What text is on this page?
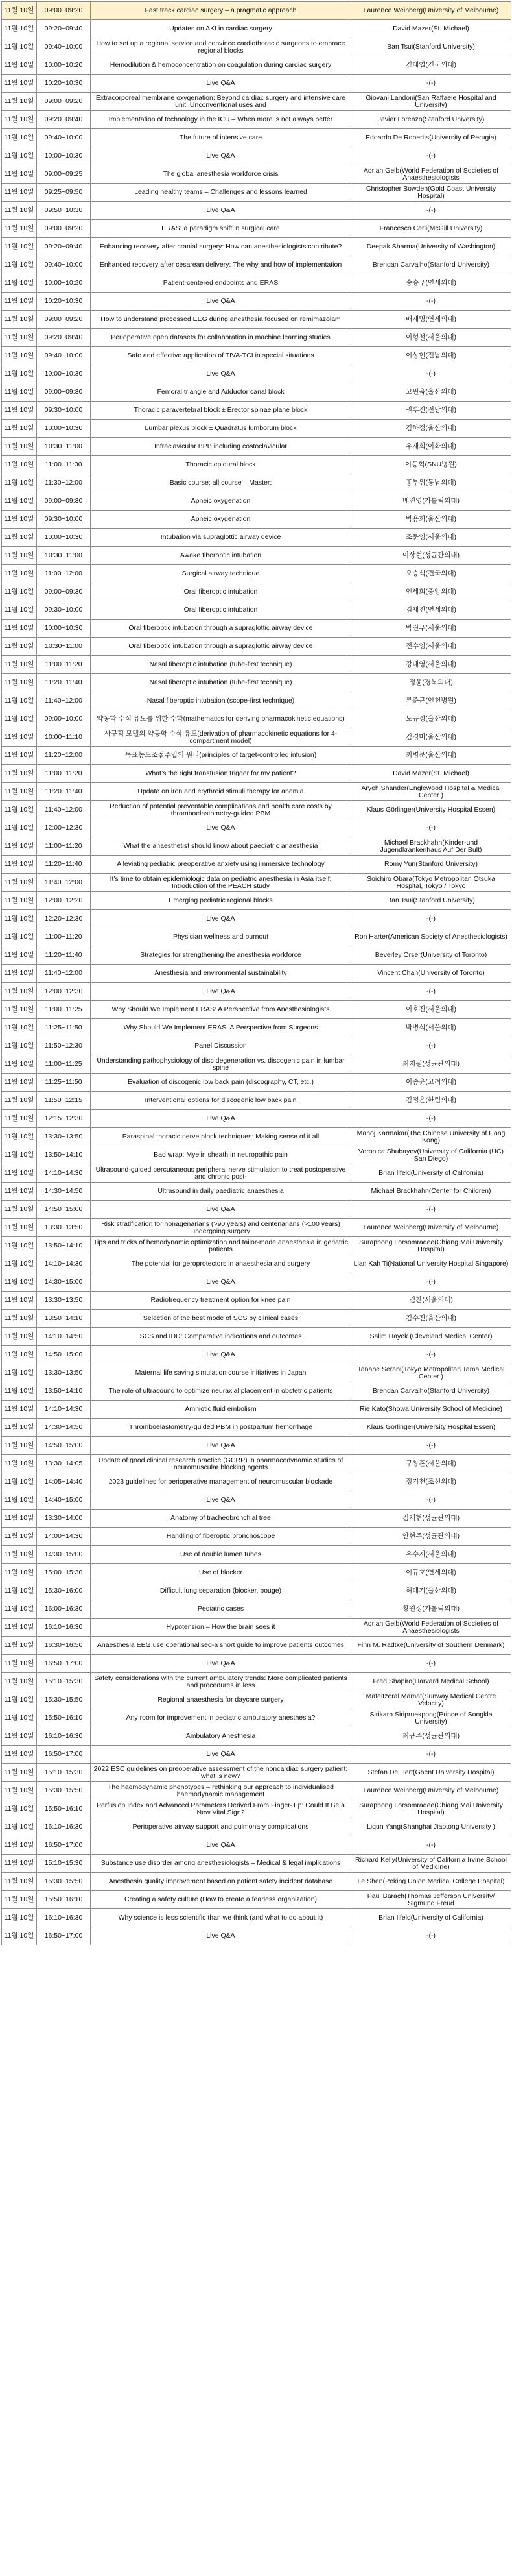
11월 10일	09:00~09:20	Fast track cardiac surgery – a pragmatic approach	Laurence Weinberg(University of Melbourne)
11월 10일	09:20~09:40	Updates on AKI in cardiac surgery	David Mazer(St. Michael)
11월 10일	09:40~10:00	How to set up a regional service and convince cardiothoracic surgeons to embrace regional blocks	Ban Tsui(Stanford University)
11월 10일	10:00~10:20	Hemodilution & hemoconcentration on coagulation during cardiac surgery	김태엽(건국의대)
11월 10일	10:20~10:30	Live Q&A	-(-)
11월 10일	09:00~09:20	Extracorporeal membrane oxygenation: Beyond cardiac surgery and intensive care unit: Unconventional uses and	Giovani Landoni(San Raffaele Hospital and University)
11월 10일	09:20~09:40	Implementation of technology in the ICU – When more is not always better	Javier Lorenzo(Stanford University)
11월 10일	09:40~10:00	The future of intensive care	Edoardo De Robertis(University of Perugia)
11월 10일	10:00~10:30	Live Q&A	-(-)
11월 10일	09:00~09:25	The global anesthesia workforce crisis	Adrian Gelb(World Federation of Societies of Anaesthesiologists
11월 10일	09:25~09:50	Leading healthy teams – Challenges and lessons learned	Christopher Bowden(Gold Coast University Hospital)
11월 10일	09:50~10:30	Live Q&A	-(-)
11월 10일	09:00~09:20	ERAS: a paradigm shift in surgical care	Francesco Carli(McGill University)
11월 10일	09:20~09:40	Enhancing recovery after cranial surgery: How can anesthesiologists contribute?	Deepak Sharma(University of Washington)
11월 10일	09:40~10:00	Enhanced recovery after cesarean delivery: The why and how of implementation	Brendan Carvalho(Stanford University)
11월 10일	10:00~10:20	Patient-centered endpoints and ERAS	송승우(연세의대)
11월 10일	10:20~10:30	Live Q&A	-(-)
11월 10일	09:00~09:20	How to understand processed EEG during anesthesia focused on remimazolam	배재명(연세의대)
11월 10일	09:20~09:40	Perioperative open datasets for collaboration in machine learning studies	이형철(서울의대)
11월 10일	09:40~10:00	Safe and effective application of TIVA-TCI in special situations	이상현(전남의대)
11월 10일	10:00~10:30	Live Q&A	-(-)
11월 10일	09:00~09:30	Femoral triangle and Adductor canal block	고원욱(울산의대)
11월 10일	09:30~10:00	Thoracic paravertebral block ± Erector spinae plane block	권루진(전남의대)
11월 10일	10:00~10:30	Lumbar plexus block ± Quadratus lumborum block	김하정(울산의대)
11월 10일	10:30~11:00	Infraclavicular BPB including costoclavicular	우재희(이화의대)
11월 10일	11:00~11:30	Thoracic epidural block	이동혁(SNU병원)
11월 10일	11:30~12:00	Basic course: all course – Master:	홍부위(동남의대)
11월 10일	09:00~09:30	Apneic oxygenation	배진영(가톨릭의대)
11월 10일	09:30~10:00	Apneic oxygenation	박용희(울산의대)
11월 10일	10:00~10:30	Intubation via supraglottic airway device	조문영(서울의대)
11월 10일	10:30~11:00	Awake fiberoptic intubation	이상현(성균관의대)
11월 10일	11:00~12:00	Surgical airway technique	오승석(건국의대)
11월 10일	09:00~09:30	Oral fiberoptic intubation	인세희(중앙의대)
11월 10일	09:30~10:00	Oral fiberoptic intubation	김재진(연세의대)
11월 10일	10:00~10:30	Oral fiberoptic intubation through a supraglottic airway device	박진우(서울의대)
11월 10일	10:30~11:00	Oral fiberoptic intubation through a supraglottic airway device	전수영(서울의대)
11월 10일	11:00~11:20	Nasal fiberoptic intubation (tube-first technique)	강대영(서울의대)
11월 10일	11:20~11:40	Nasal fiberoptic intubation (tube-first technique)	정윤(경북의대)
11월 10일	11:40~12:00	Nasal fiberoptic intubation (scope-first technique)	류준근(인천병원)
11월 10일	09:00~10:00	약동학 수식 유도를 위한 수학(mathematics for deriving pharmacokinetic equations)	노규정(울산의대)
11월 10일	10:00~11:10	사구획 모델의 약동학 수식 유도(derivation of pharmacokinetic equations for 4-compartment model)	김경미(울산의대)
11월 10일	11:20~12:00	목표농도조절주입의 원리(principles of target-controlled infusion)	최병문(울산의대)
11월 10일	11:00~11:20	What’s the right transfusion trigger for my patient?	David Mazer(St. Michael)
11월 10일	11:20~11:40	Update on iron and erythroid stimuli therapy for anemia	Aryeh Shander(Englewood Hospital & Medical Center )
11월 10일	11:40~12:00	Reduction of potential preventable complications and health care costs by thromboelastometry-guided PBM	Klaus Görlinger(University Hospital Essen)
11월 10일	12:00~12:30	Live Q&A	-(-)
11월 10일	11:00~11:20	What the anaesthetist should know about paediatric anaesthesia	Michael Brackhahn(Kinder-und Jugendkrankenhaus Auf Der Bult)
11월 10일	11:20~11:40	Alleviating pediatric preoperative anxiety using immersive technology	Romy Yun(Stanford University)
11월 10일	11:40~12:00	It’s time to obtain epidemiologic data on pediatric anesthesia in Asia itself: Introduction of the PEACH study	Soichiro Obara(Tokyo Metropolitan Otsuka Hospital, Tokyo / Tokyo
11월 10일	12:00~12:20	Emerging pediatric regional blocks	Ban Tsui(Stanford University)
11월 10일	12:20~12:30	Live Q&A	-(-)
11월 10일	11:00~11:20	Physician wellness and burnout	Ron Harter(American Society of Anesthesiologists)
11월 10일	11:20~11:40	Strategies for strengthening the anesthesia workforce	Beverley Orser(University of Toronto)
11월 10일	11:40~12:00	Anesthesia and environmental sustainability	Vincent Chan(University of Toronto)
11월 10일	12:00~12:30	Live Q&A	-(-)
11월 10일	11:00~11:25	Why Should We Implement ERAS: A Perspective from Anesthesiologists	이호진(서울의대)
11월 10일	11:25~11:50	Why Should We Implement ERAS: A Perspective from Surgeons	박병식(서울의대)
11월 10일	11:50~12:30	Panel Discussion	-(-)
11월 10일	11:00~11:25	Understanding pathophysiology of disc degeneration vs. discogenic pain in lumbar spine	최지원(성균관의대)
11월 10일	11:25~11:50	Evaluation of discogenic low back pain (discography, CT, etc.)	이종윤(고려의대)
11월 10일	11:50~12:15	Interventional options for discogenic low back pain	김정은(한림의대)
11월 10일	12:15~12:30	Live Q&A	-(-)
11월 10일	13:30~13:50	Paraspinal thoracic nerve block techniques: Making sense of it all	Manoj Karmakar(The Chinese University of Hong Kong)
11월 10일	13:50~14:10	Bad wrap: Myelin sheath in neuropathic pain	Veronica Shubayev(University of California (UC) San Diego)
11월 10일	14:10~14:30	Ultrasound-guided percutaneous peripheral nerve stimulation to treat postoperative and chronic post-	Brian Ilfeld(University of California)
11월 10일	14:30~14:50	Ultrasound in daily paediatric anaesthesia	Michael Brackhahn(Center for Children)
11월 10일	14:50~15:00	Live Q&A	-(-)
11월 10일	13:30~13:50	Risk stratification for nonagenarians (>90 years) and centenarians (>100 years) undergoing surgery	Laurence Weinberg(University of Melbourne)
11월 10일	13:50~14:10	Tips and tricks of hemodynamic optimization and tailor-made anaesthesia in geriatric patients	Suraphong Lorsomradee(Chiang Mai University Hospital)
11월 10일	14:10~14:30	The potential for geroprotectors in anaesthesia and surgery	Lian Kah Ti(National University Hospital Singapore)
11월 10일	14:30~15:00	Live Q&A	-(-)
11월 10일	13:30~13:50	Radiofrequency treatment option for knee pain	김찬(서울의대)
11월 10일	13:50~14:10	Selection of the best mode of SCS by clinical cases	김수진(울산의대)
11월 10일	14:10~14:50	SCS and IDD: Comparative indications and outcomes	Salim Hayek (Cleveland Medical Center)
11월 10일	14:50~15:00	Live Q&A	-(-)
11월 10일	13:30~13:50	Maternal life saving simulation course initiatives in Japan	Tanabe Serabi(Tokyo Metropolitan Tama Medical Center )
11월 10일	13:50~14:10	The role of ultrasound to optimize neuraxial placement in obstetric patients	Brendan Carvalho(Stanford University)
11월 10일	14:10~14:30	Amniotic fluid embolism	Rie Kato(Showa University School of Medicine)
11월 10일	14:30~14:50	Thromboelastometry-guided PBM in postpartum hemorrhage	Klaus Görlinger(University Hospital Essen)
11월 10일	14:50~15:00	Live Q&A	-(-)
11월 10일	13:30~14:05	Update of good clinical research practice (GCRP) in pharmacodynamic studies of neuromuscular blocking agents	구창혼(서울의대)
11월 10일	14:05~14:40	2023 guidelines for perioperative management of neuromuscular blockade	정기천(조선의대)
11월 10일	14:40~15:00	Live Q&A	-(-)
11월 10일	13:30~14:00	Anatomy of tracheobronchial tree	김재현(성균관의대)
11월 10일	14:00~14:30	Handling of fiberoptic bronchoscope	안현주(성균관의대)
11월 10일	14:30~15:00	Use of double lumen tubes	유수지(서울의대)
11월 10일	15:00~15:30	Use of blocker	이규호(연세의대)
11월 10일	15:30~16:00	Difficult lung separation (blocker, bouge)	허대기(울산의대)
11월 10일	16:00~16:30	Pediatric cases	황원정(가톨릭의대)
11월 10일	16:10~16:30	Hypotension – How the brain sees it	Adrian Gelb(World Federation of Societies of Anaesthesiologists
11월 10일	16:30~16:50	Anaesthesia EEG use operationalised-a short guide to improve patients outcomes	Finn M. Radtke(University of Southern Denmark)
11월 10일	16:50~17:00	Live Q&A	-(-)
11월 10일	15:10~15:30	Safety considerations with the current ambulatory trends: More complicated patients and procedures in less	Fred Shapiro(Harvard Medical School)
11월 10일	15:30~15:50	Regional anaesthesia for daycare surgery	Mafeitzeral Mamat(Sunway Medical Centre Velocity)
11월 10일	15:50~16:10	Any room for improvement in pediatric ambulatory anesthesia?	Sirikarn Siripruekpong(Prince of Songkla University)
11월 10일	16:10~16:30	Ambulatory Anesthesia	최규주(성균관의대)
11월 10일	16:50~17:00	Live Q&A	-(-)
11월 10일	15:10~15:30	2022 ESC guidelines on preoperative assessment of the noncardiac surgery patient: what is new?	Stefan De Hert(Ghent University Hospital)
11월 10일	15:30~15:50	The haemodynamic phenotypes – rethinking our approach to individualised haemodynamic management	Laurence Weinberg(University of Melbourne)
11월 10일	15:50~16:10	Perfusion Index and Advanced Parameters Derived From Finger-Tip: Could It Be a New Vital Sign?	Suraphong Lorsomradee(Chiang Mai University Hospital)
11월 10일	16:10~16:30	Perioperative airway support and pulmonary complications	Liqun Yang(Shanghai Jiaotong University )
11월 10일	16:50~17:00	Live Q&A	-(-)
11월 10일	15:10~15:30	Substance use disorder among anesthesiologists – Medical & legal implications	Richard Kelly(University of California Irvine School of Medicine)
11월 10일	15:30~15:50	Anesthesia quality improvement based on patient safety incident database	Le Shen(Peking Union Medical College Hospital)
11월 10일	15:50~16:10	Creating a safety culture (How to create a fearless organization)	Paul Barach(Thomas Jefferson University/ Sigmund Freud
11월 10일	16:10~16:30	Why science is less scientific than we think (and what to do about it)	Brian Ilfeld(University of California)
11월 10일	16:50~17:00	Live Q&A	-(-)
